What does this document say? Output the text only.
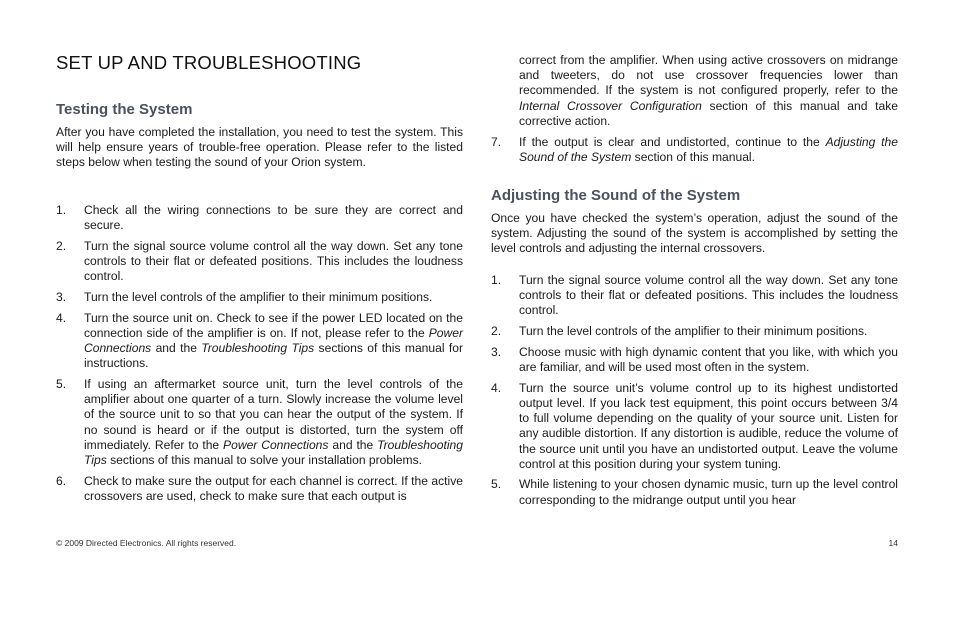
SET UP AND TROUBLESHOOTING
Testing the System

After you have completed the installation, you need to test the system. This will help ensure years of trouble-free operation. Please refer to the listed steps below when testing the sound of your Orion system.

1. Check all the wiring connections to be sure they are correct and secure.
2. Turn the signal source volume control all the way down. Set any tone controls to their flat or defeated positions. This includes the loudness control.
3. Turn the level controls of the amplifier to their minimum positions.
4. Turn the source unit on. Check to see if the power LED located on the connection side of the amplifier is on. If not, please refer to the Power Connections and the Troubleshooting Tips sections of this manual for instructions.
5. If using an aftermarket source unit, turn the level controls of the amplifier about one quarter of a turn. Slowly increase the volume level of the source unit to so that you can hear the output of the system. If no sound is heard or if the output is distorted, turn the system off immediately. Refer to the Power Connections and the Troubleshooting Tips sections of this manual to solve your installation problems.
6. Check to make sure the output for each channel is correct. If the active crossovers are used, check to make sure that each output is
correct from the amplifier. When using active crossovers on midrange and tweeters, do not use crossover frequencies lower than recommended. If the system is not configured properly, refer to the Internal Crossover Configuration section of this manual and take corrective action.
7. If the output is clear and undistorted, continue to the Adjusting the Sound of the System section of this manual.
Adjusting the Sound of the System

Once you have checked the system’s operation, adjust the sound of the system. Adjusting the sound of the system is accomplished by setting the level controls and adjusting the internal crossovers.

1. Turn the signal source volume control all the way down. Set any tone controls to their flat or defeated positions. This includes the loudness control.
2. Turn the level controls of the amplifier to their minimum positions.
3. Choose music with high dynamic content that you like, with which you are familiar, and will be used most often in the system.
4. Turn the source unit’s volume control up to its highest undistorted output level. If you lack test equipment, this point occurs between 3/4 to full volume depending on the quality of your source unit. Listen for any audible distortion. If any distortion is audible, reduce the volume of the source unit until you have an undistorted output. Leave the volume control at this position during your system tuning.
5. While listening to your chosen dynamic music, turn up the level control corresponding to the midrange output until you hear
© 2009 Directed Electronics. All rights reserved.	14
